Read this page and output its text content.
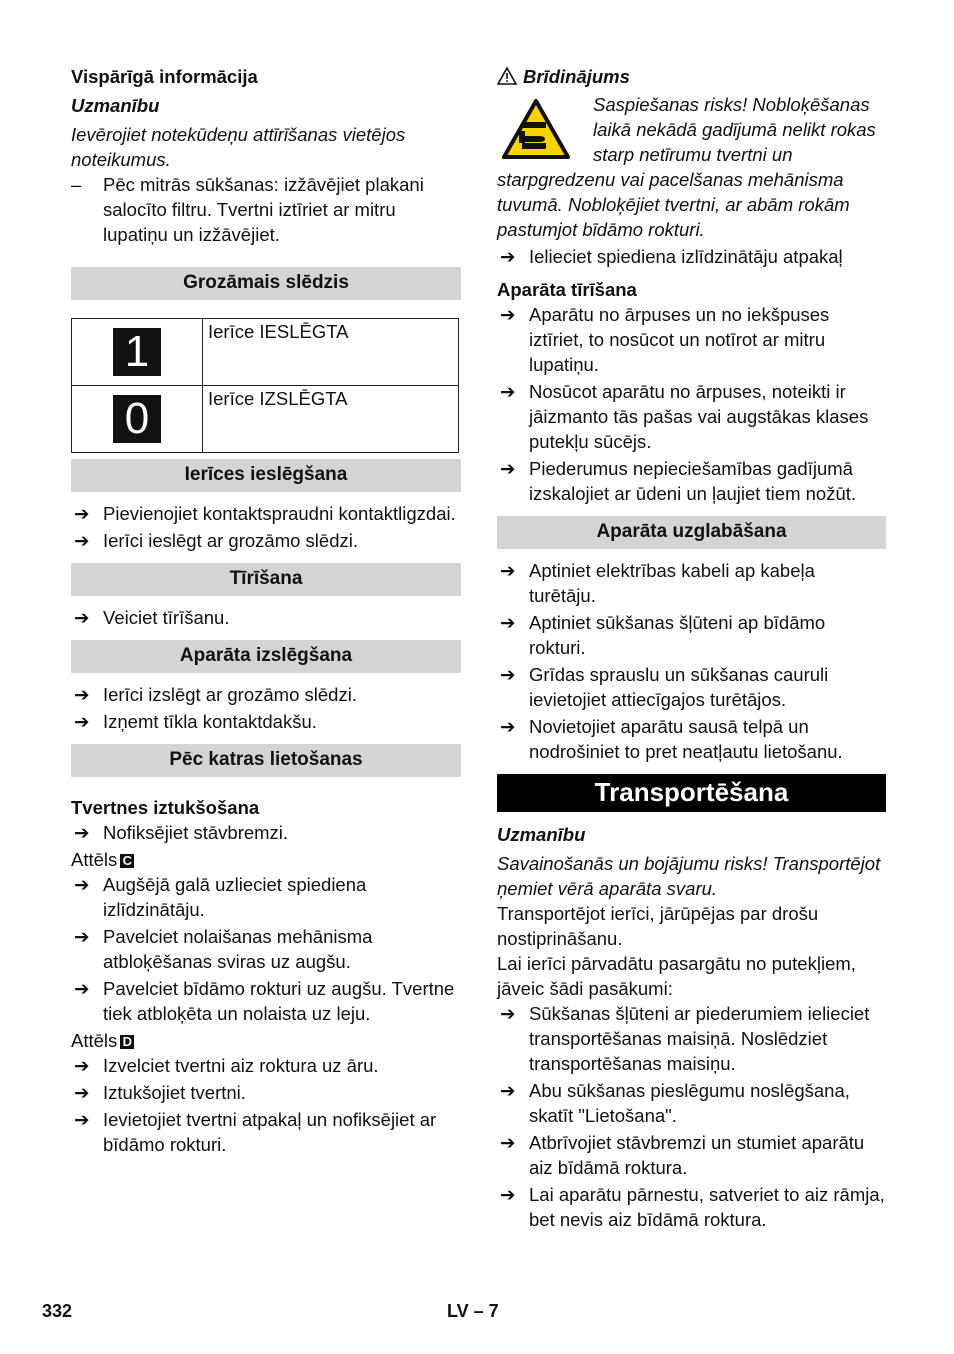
Vispārīgā informācija

Uzmanību

Ievērojiet notekūdeņu attīrīšanas vietējos noteikumus.

– Pēc mitrās sūkšanas: izžāvējiet plakani salocīto filtru. Tvertni iztīriet ar mitru lupatiņu un izžāvējiet.
Grozāmais slēdzis
1	Ierīce IESLĒGTA
0	Ierīce IZSLĒGTA
Ierīces ieslēgšana
➔ Pievienojiet kontaktspraudni kontaktligzdai.
➔ Ierīci ieslēgt ar grozāmo slēdzi.
Tīrīšana
➔ Veiciet tīrīšanu.
Aparāta izslēgšana
➔ Ierīci izslēgt ar grozāmo slēdzi.
➔ Izņemt tīkla kontaktdakšu.
Pēc katras lietošanas

Tvertnes iztukšošana

➔ Nofiksējiet stāvbremzi.

Attēls C

➔ Augšējā galā uzlieciet spiediena izlīdzinātāju.
➔ Pavelciet nolaišanas mehānisma atbloķēšanas sviras uz augšu.
➔ Pavelciet bīdāmo rokturi uz augšu. Tvertne tiek atbloķēta un nolaista uz leju.

Attēls D

➔ Izvelciet tvertni aiz roktura uz āru.
➔ Iztukšojiet tvertni.
➔ Ievietojiet tvertni atpakaļ un nofiksējiet ar bīdāmo rokturi.

Brīdinājums

Saspiešanas risks! Nobloķēšanas laikā nekādā gadījumā nelikt rokas starp netīrumu tvertni un starpgredzenu vai pacelšanas mehānisma tuvumā. Nobloķējiet tvertni, ar abām rokām pastumjot bīdāmo rokturi.

➔ Ielieciet spiediena izlīdzinātāju atpakaļ

Aparāta tīrīšana

➔ Aparātu no ārpuses un no iekšpuses iztīriet, to nosūcot un notīrot ar mitru lupatiņu.
➔ Nosūcot aparātu no ārpuses, noteikti ir jāizmanto tās pašas vai augstākas klases putekļu sūcējs.
➔ Piederumus nepieciešamības gadījumā izskalojiet ar ūdeni un ļaujiet tiem nožūt.
Aparāta uzglabāšana
➔ Aptiniet elektrības kabeli ap kabeļa turētāju.
➔ Aptiniet sūkšanas šļūteni ap bīdāmo rokturi.
➔ Grīdas sprauslu un sūkšanas cauruli ievietojiet attiecīgajos turētājos.
➔ Novietojiet aparātu sausā telpā un nodrošiniet to pret neatļautu lietošanu.
Transportēšana

Uzmanību

Savainošanās un bojājumu risks! Transportējot ņemiet vērā aparāta svaru.

Transportējot ierīci, jārūpējas par drošu nostiprināšanu.

Lai ierīci pārvadātu pasargātu no putekļiem, jāveic šādi pasākumi:

➔ Sūkšanas šļūteni ar piederumiem ielieciet transportēšanas maisiņā. Noslēdziet transportēšanas maisiņu.
➔ Abu sūkšanas pieslēgumu noslēgšana, skatīt "Lietošana".
➔ Atbrīvojiet stāvbremzi un stumiet aparātu aiz bīdāmā roktura.
➔ Lai aparātu pārnestu, satveriet to aiz rāmja, bet nevis aiz bīdāmā roktura.
332	LV – 7
